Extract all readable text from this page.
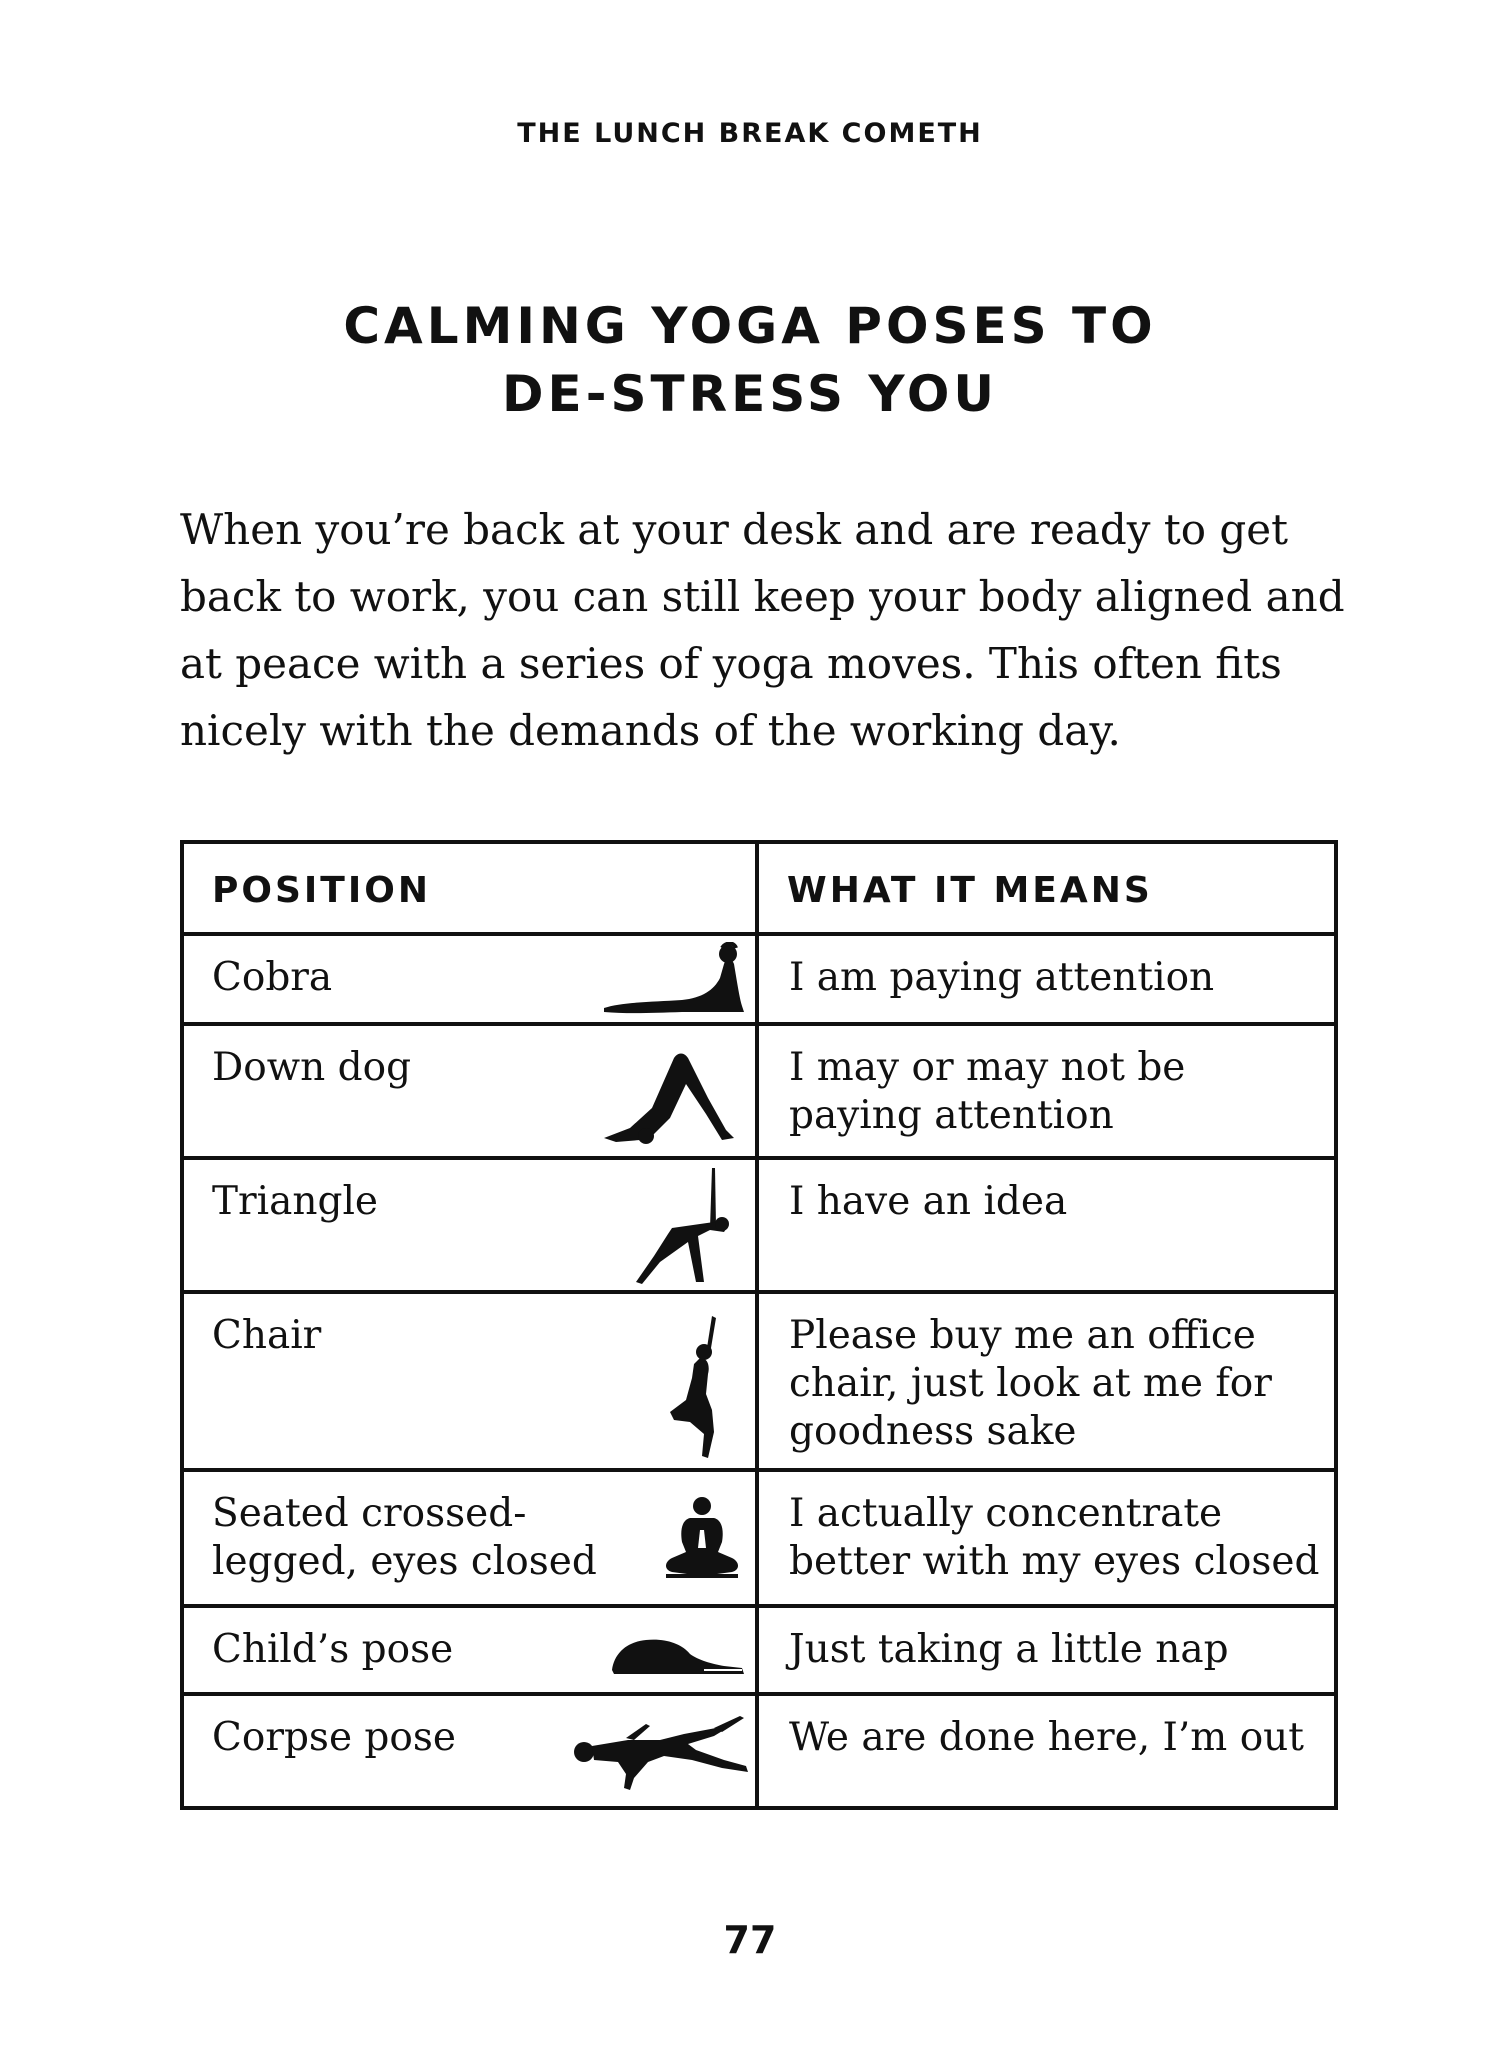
THE LUNCH BREAK COMETH
CALMING YOGA POSES TO
DE-STRESS YOU
When you’re back at your desk and are ready to get
back to work, you can still keep your body aligned and
at peace with a series of yoga moves. This often fits
nicely with the demands of the working day.
POSITION	WHAT IT MEANS

Cobra	I am paying attention

Down dog	I may or may not be
paying attention

Triangle	I have an idea

Chair	Please buy me an office
chair, just look at me for
goodness sake

Seated crossed-
legged, eyes closed	I actually concentrate
better with my eyes closed

Child’s pose	Just taking a little nap

Corpse pose	We are done here, I’m out
77
